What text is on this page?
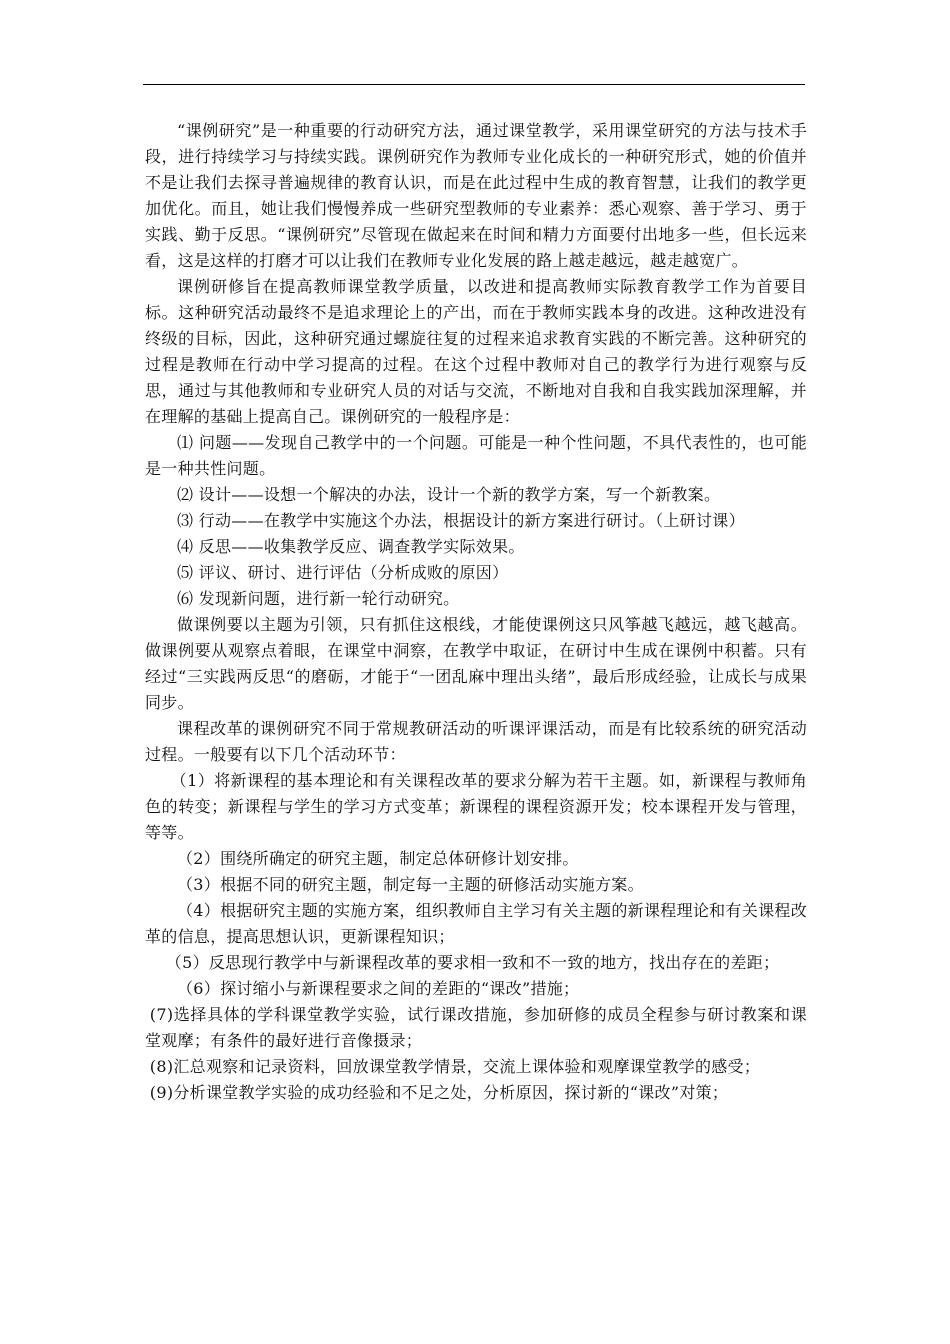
“课例研究”是一种重要的行动研究方法，通过课堂教学，采用课堂研究的方法与技术手段，进行持续学习与持续实践。课例研究作为教师专业化成长的一种研究形式，她的价值并不是让我们去探寻普遍规律的教育认识，而是在此过程中生成的教育智慧，让我们的教学更加优化。而且，她让我们慢慢养成一些研究型教师的专业素养：悉心观察、善于学习、勇于实践、勤于反思。“课例研究”尽管现在做起来在时间和精力方面要付出地多一些，但长远来看，这是这样的打磨才可以让我们在教师专业化发展的路上越走越远，越走越宽广。

课例研修旨在提高教师课堂教学质量，以改进和提高教师实际教育教学工作为首要目标。这种研究活动最终不是追求理论上的产出，而在于教师实践本身的改进。这种改进没有终级的目标，因此，这种研究通过螺旋往复的过程来追求教育实践的不断完善。这种研究的过程是教师在行动中学习提高的过程。在这个过程中教师对自己的教学行为进行观察与反思，通过与其他教师和专业研究人员的对话与交流，不断地对自我和自我实践加深理解，并在理解的基础上提高自己。课例研究的一般程序是：

⑴ 问题——发现自己教学中的一个问题。可能是一种个性问题，不具代表性的，也可能是一种共性问题。

⑵ 设计——设想一个解决的办法，设计一个新的教学方案，写一个新教案。

⑶ 行动——在教学中实施这个办法，根据设计的新方案进行研讨。（上研讨课）

⑷ 反思——收集教学反应、调查教学实际效果。

⑸ 评议、研讨、进行评估（分析成败的原因）

⑹ 发现新问题，进行新一轮行动研究。

做课例要以主题为引领，只有抓住这根线，才能使课例这只风筝越飞越远，越飞越高。做课例要从观察点着眼，在课堂中洞察，在教学中取证，在研讨中生成在课例中积蓄。只有经过“三实践两反思“的磨砺，才能于“一团乱麻中理出头绪”，最后形成经验，让成长与成果同步。

课程改革的课例研究不同于常规教研活动的听课评课活动，而是有比较系统的研究活动过程。一般要有以下几个活动环节：

（1）将新课程的基本理论和有关课程改革的要求分解为若干主题。如，新课程与教师角色的转变；新课程与学生的学习方式变革；新课程的课程资源开发；校本课程开发与管理，等等。

（2）围绕所确定的研究主题，制定总体研修计划安排。

（3）根据不同的研究主题，制定每一主题的研修活动实施方案。

（4）根据研究主题的实施方案，组织教师自主学习有关主题的新课程理论和有关课程改革的信息，提高思想认识，更新课程知识；

（5）反思现行教学中与新课程改革的要求相一致和不一致的地方，找出存在的差距；

（6）探讨缩小与新课程要求之间的差距的“课改”措施；

(7)选择具体的学科课堂教学实验，试行课改措施，参加研修的成员全程参与研讨教案和课堂观摩；有条件的最好进行音像摄录；

(8)汇总观察和记录资料，回放课堂教学情景，交流上课体验和观摩课堂教学的感受；

(9)分析课堂教学实验的成功经验和不足之处，分析原因，探讨新的“课改”对策；
